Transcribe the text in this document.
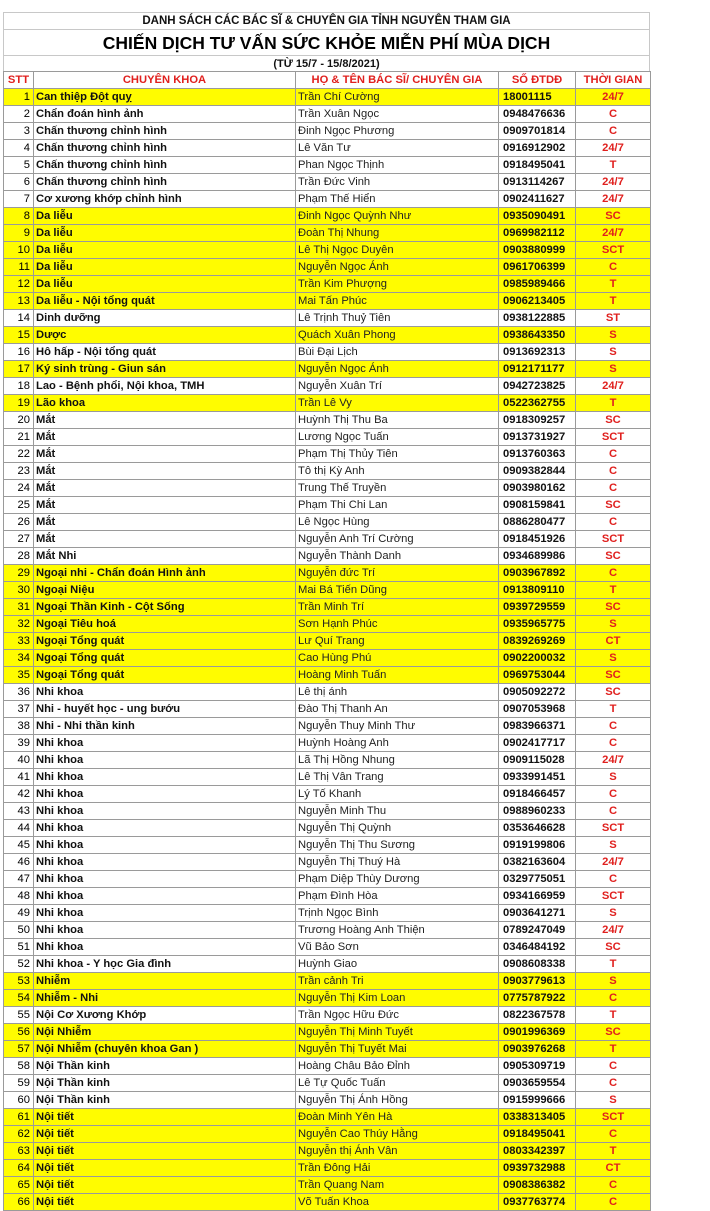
DANH SÁCH CÁC BÁC SĨ & CHUYÊN GIA TỈNH NGUYÊN THAM GIA
CHIẾN DỊCH TƯ VẤN SỨC KHỎE MIỄN PHÍ MÙA DỊCH
(TỪ 15/7 - 15/8/2021)
STT	CHUYÊN KHOA	HỌ & TÊN BÁC SĨ/ CHUYÊN GIA	SỐ ĐTDĐ	THỜI GIAN
1	Can thiệp Đột quỵ	Trần Chí Cường	18001115	24/7
2	Chẩn đoán hình ảnh	Trần Xuân Ngọc	0948476636	C
3	Chấn thương chỉnh hình	Đinh Ngọc Phương	0909701814	C
4	Chấn thương chỉnh hình	Lê Văn Tư	0916912902	24/7
5	Chấn thương chỉnh hình	Phan Ngọc Thịnh	0918495041	T
6	Chấn thương chỉnh hình	Trần Đức Vinh	0913114267	24/7
7	Cơ xương khớp chỉnh hình	Phạm Thế Hiển	0902411627	24/7
8	Da liễu	Đinh Ngọc Quỳnh Như	0935090491	SC
9	Da liễu	Đoàn Thị Nhung	0969982112	24/7
10	Da liễu	Lê Thị Ngọc Duyên	0903880999	SCT
11	Da liễu	Nguyễn Ngọc Ánh	0961706399	C
12	Da liễu	Trần Kim Phượng	0985989466	T
13	Da liễu - Nội tổng quát	Mai Tấn Phúc	0906213405	T
14	Dinh dưỡng	Lê Trịnh Thuỷ Tiên	0938122885	ST
15	Dược	Quách Xuân Phong	0938643350	S
16	Hô hấp - Nội tổng quát	Bùi Đại Lịch	0913692313	S
17	Ký sinh trùng - Giun sán	Nguyễn Ngọc Ánh	0912171177	S
18	Lao - Bệnh phổi, Nội khoa, TMH	Nguyễn Xuân Trí	0942723825	24/7
19	Lão khoa	Trần Lê Vy	0522362755	T
20	Mắt	Huỳnh Thị Thu Ba	0918309257	SC
21	Mắt	Lương Ngọc Tuấn	0913731927	SCT
22	Mắt	Phạm Thị Thủy Tiên	0913760363	C
23	Mắt	Tô thị Kỳ Anh	0909382844	C
24	Mắt	Trung Thế Truyền	0903980162	C
25	Mắt	Phạm Thi Chi Lan	0908159841	SC
26	Mắt	Lê Ngọc Hùng	0886280477	C
27	Mắt	Nguyễn Anh Trí Cường	0918451926	SCT
28	Mắt Nhi	Nguyễn Thành Danh	0934689986	SC
29	Ngoại nhi - Chẩn đoán Hình ảnh	Nguyễn đức Trí	0903967892	C
30	Ngoại Niệu	Mai Bá Tiến Dũng	0913809110	T
31	Ngoại Thần Kinh - Cột Sống	Trần Minh Trí	0939729559	SC
32	Ngoại Tiêu hoá	Sơn Hạnh Phúc	0935965775	S
33	Ngoại Tổng quát	Lư Quí Trang	0839269269	CT
34	Ngoại Tổng quát	Cao Hùng Phú	0902200032	S
35	Ngoại Tổng quát	Hoàng Minh Tuấn	0969753044	SC
36	Nhi khoa	Lê thị ánh	0905092272	SC
37	Nhi - huyết học - ung bướu	Đào Thị Thanh An	0907053968	T
38	Nhi - Nhi thần kinh	Nguyễn Thuy Minh Thư	0983966371	C
39	Nhi khoa	Huỳnh Hoàng Anh	0902417717	C
40	Nhi khoa	Lã Thị Hồng Nhung	0909115028	24/7
41	Nhi khoa	Lê Thị Vân Trang	0933991451	S
42	Nhi khoa	Lý Tố Khanh	0918466457	C
43	Nhi khoa	Nguyễn Minh Thu	0988960233	C
44	Nhi khoa	Nguyễn Thị Quỳnh	0353646628	SCT
45	Nhi khoa	Nguyễn Thị Thu Sương	0919199806	S
46	Nhi khoa	Nguyễn Thị Thuý Hà	0382163604	24/7
47	Nhi khoa	Phạm Diệp Thùy Dương	0329775051	C
48	Nhi khoa	Phạm Đình Hòa	0934166959	SCT
49	Nhi khoa	Trịnh Ngọc Bình	0903641271	S
50	Nhi khoa	Trương Hoàng Anh Thiện	0789247049	24/7
51	Nhi khoa	Vũ Bảo Sơn	0346484192	SC
52	Nhi khoa - Y học Gia đình	Huỳnh Giao	0908608338	T
53	Nhiễm	Trần cảnh Tri	0903779613	S
54	Nhiễm - Nhi	Nguyễn Thị Kim Loan	0775787922	C
55	Nội Cơ Xương Khớp	Trần Ngọc Hữu Đức	0822367578	T
56	Nội Nhiễm	Nguyễn Thị Minh Tuyết	0901996369	SC
57	Nội Nhiễm (chuyên khoa Gan )	Nguyễn Thị Tuyết Mai	0903976268	T
58	Nội Thần kinh	Hoàng Châu Bảo Đỉnh	0905309719	C
59	Nội Thần kinh	Lê Tự Quốc Tuấn	0903659554	C
60	Nội Thần kinh	Nguyễn Thị Ánh Hồng	0915999666	S
61	Nội tiết	Đoàn Minh Yên Hà	0338313405	SCT
62	Nội tiết	Nguyễn Cao Thúy Hằng	0918495041	C
63	Nội tiết	Nguyễn thị Ánh Vân	0803342397	T
64	Nội tiết	Trần Đông Hải	0939732988	CT
65	Nội tiết	Trần Quang Nam	0908386382	C
66	Nội tiết	Võ Tuấn Khoa	0937763774	C
